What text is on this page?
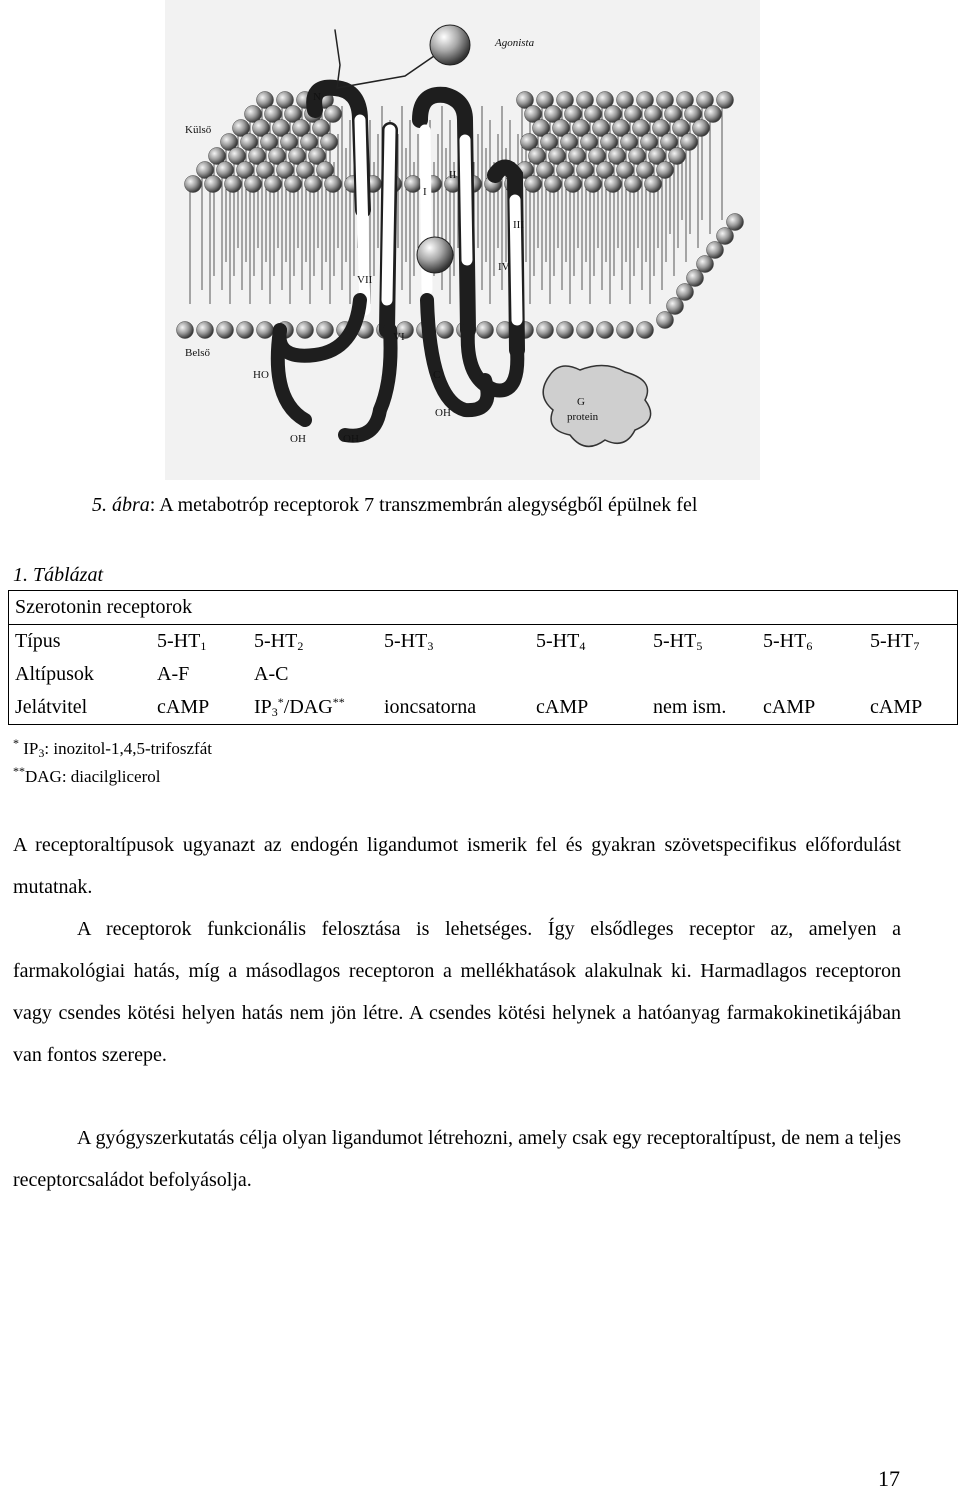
Agonista
Külső
Belső
N
C
G
protein
HO
OH	OH
OH
I
II
III
IV
VI
VII
5. ábra: A metabotróp receptorok 7 transzmembrán alegységből épülnek fel
1. Táblázat
Szerotonin receptorok							
Típus	$5-HT_1$	$5-HT_2$	$5-HT_3$	$5-HT_4$	$5-HT_5$	$5-HT_6$	$5-HT_7$
Altípusok	A-F	A-C					
Jelátvitel	cAMP	$IP_3^*/DAG^{**}$	ioncsatorna	cAMP	nem ism.	cAMP	cAMP
* $IP_3$: inozitol-1,4,5-trifoszfát
**DAG: diacilglicerol

A receptoraltípusok ugyanazt az endogén ligandumot ismerik fel és gyakran szövetspecifikus előfordulást mutatnak.

A receptorok funkcionális felosztása is lehetséges. Így elsődleges receptor az, amelyen a farmakológiai hatás, míg a másodlagos receptoron a mellékhatások alakulnak ki. Harmadlagos receptoron vagy csendes kötési helyen hatás nem jön létre. A csendes kötési helynek a hatóanyag farmakokinetikájában van fontos szerepe.

A gyógyszerkutatás célja olyan ligandumot létrehozni, amely csak egy receptoraltípust, de nem a teljes receptorcsaládot befolyásolja.

17
